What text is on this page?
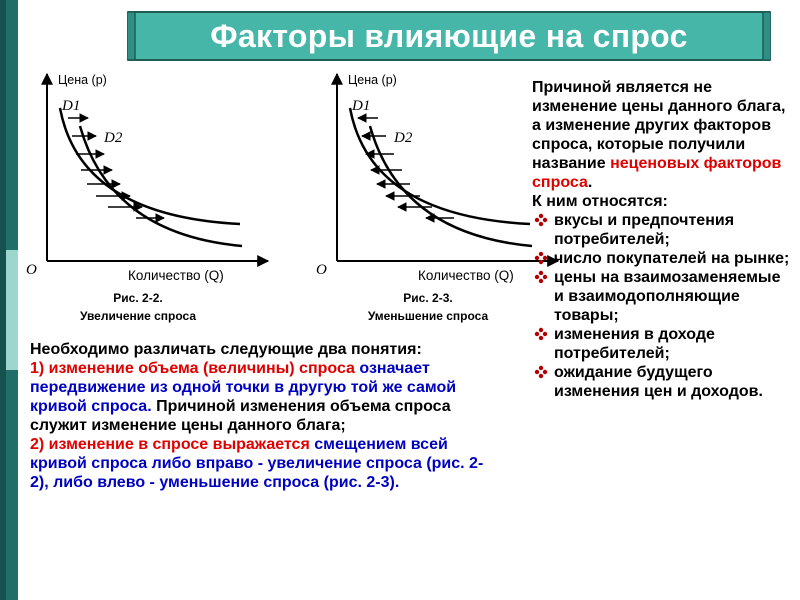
Факторы влияющие на спрос
Цена (p)
D1
D2
O	Количество (Q)
Рис. 2-2.
Увеличение спроса
Цена (p)
D1
D2
O	Количество (Q)
Рис. 2-3.
Уменьшение спроса

Причиной является не изменение цены данного блага, а изменение других факторов спроса, которые получили название неценовых факторов спроса.

К ним относятся:

вкусы и предпочтения потребителей;
число покупателей на рынке;
цены на взаимозаменяемые и взаимодополняющие товары;
изменения в доходе потребителей;
ожидание будущего изменения цен и доходов.

Необходимо различать следующие два понятия:

1) изменение объема (величины) спроса означает передвижение из одной точки в другую той же самой кривой спроса. Причиной изменения объема спроса служит изменение цены данного блага;

2) изменение в спросе выражается смещением всей кривой спроса либо вправо - увеличение спроса (рис. 2-2), либо влево - уменьшение спроса (рис. 2-3).
